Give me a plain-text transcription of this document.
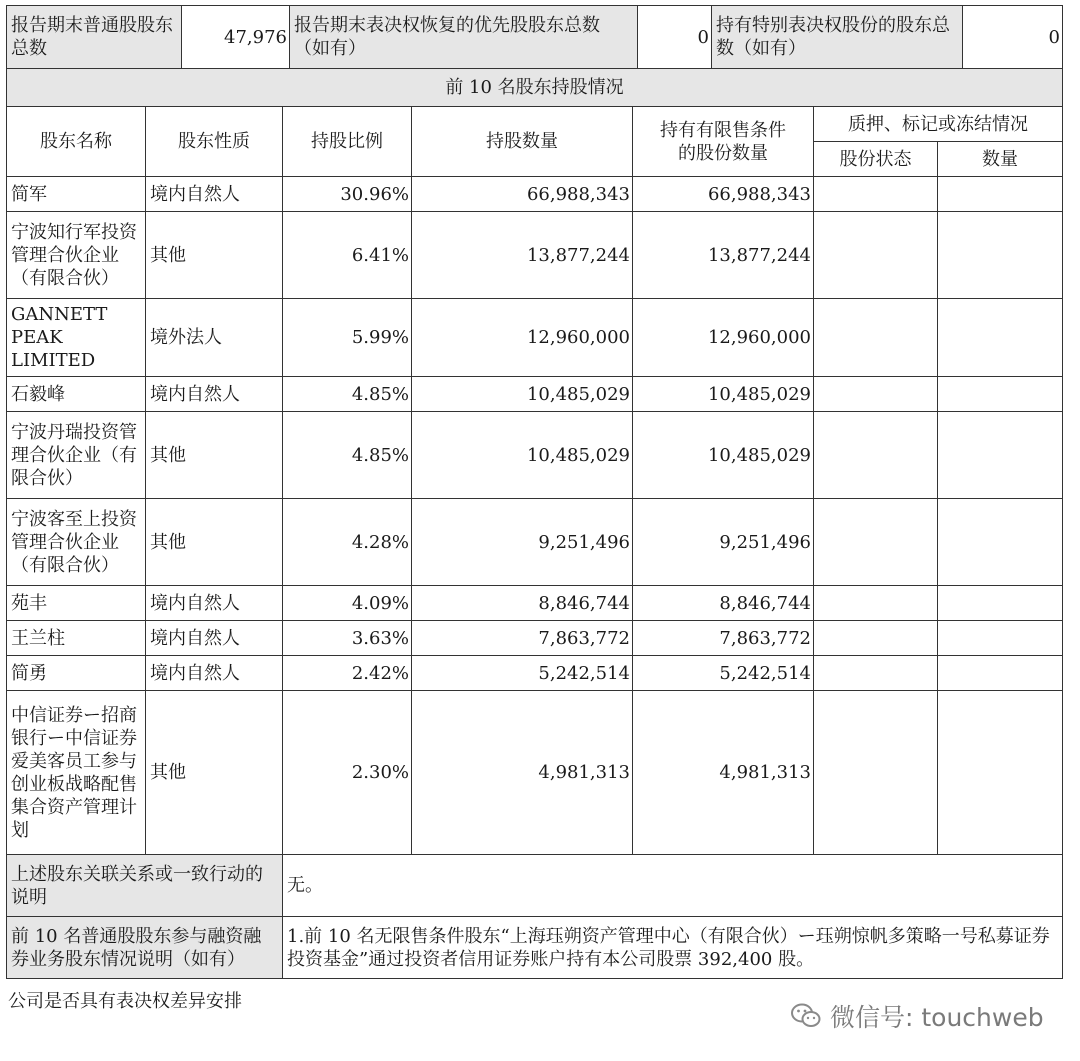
报告期末普通股股东总数	47,976	报告期末表决权恢复的优先股股东总数（如有）	0	持有特别表决权股份的股东总数（如有）	0
前 10 名股东持股情况						
股东名称	股东性质	持股比例	持股数量	持有有限售条件的股份数量	质押、标记或冻结情况	
					股份状态	数量
简军	境内自然人	30.96%	66,988,343	66,988,343		
宁波知行军投资管理合伙企业（有限合伙）	其他	6.41%	13,877,244	13,877,244		
GANNETT PEAK LIMITED	境外法人	5.99%	12,960,000	12,960,000		
石毅峰	境内自然人	4.85%	10,485,029	10,485,029		
宁波丹瑞投资管理合伙企业（有限合伙）	其他	4.85%	10,485,029	10,485,029		
宁波客至上投资管理合伙企业（有限合伙）	其他	4.28%	9,251,496	9,251,496		
苑丰	境内自然人	4.09%	8,846,744	8,846,744		
王兰柱	境内自然人	3.63%	7,863,772	7,863,772		
简勇	境内自然人	2.42%	5,242,514	5,242,514		
中信证券ー招商银行ー中信证券爱美客员工参与创业板战略配售集合资产管理计划	其他	2.30%	4,981,313	4,981,313		
上述股东关联关系或一致行动的说明		无。				
前 10 名普通股股东参与融资融券业务股东情况说明（如有）		1.前 10 名无限售条件股东“上海珏朔资产管理中心（有限合伙）ー珏朔惊帆多策略一号私募证券投资基金”通过投资者信用证券账户持有本公司股票 392,400 股。				
公司是否具有表决权差异安排
微信号: touchweb
